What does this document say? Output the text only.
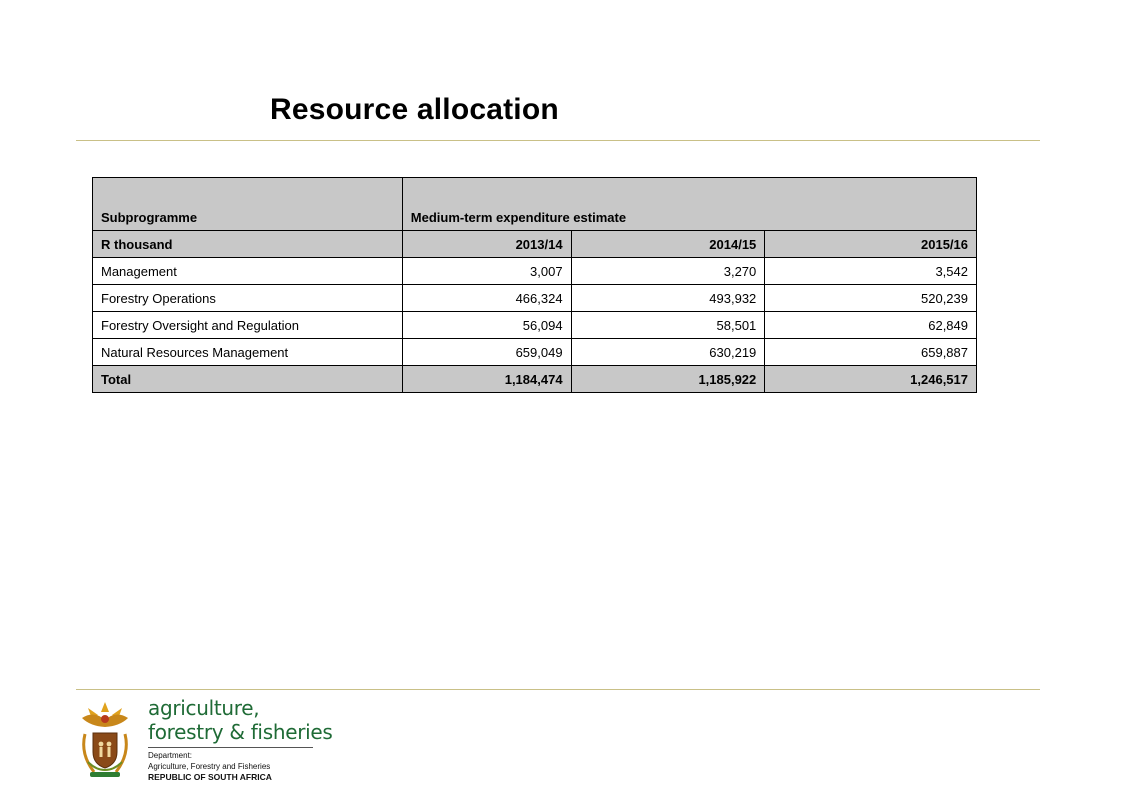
Resource allocation
Subprogramme	Medium-term expenditure estimate		
R thousand	2013/14	2014/15	2015/16
Management	3,007	3,270	3,542
Forestry Operations	466,324	493,932	520,239
Forestry Oversight and Regulation	56,094	58,501	62,849
Natural Resources Management	659,049	630,219	659,887
Total	1,184,474	1,185,922	1,246,517
agriculture,
forestry & fisheries
Department:
Agriculture, Forestry and Fisheries
REPUBLIC OF SOUTH AFRICA
